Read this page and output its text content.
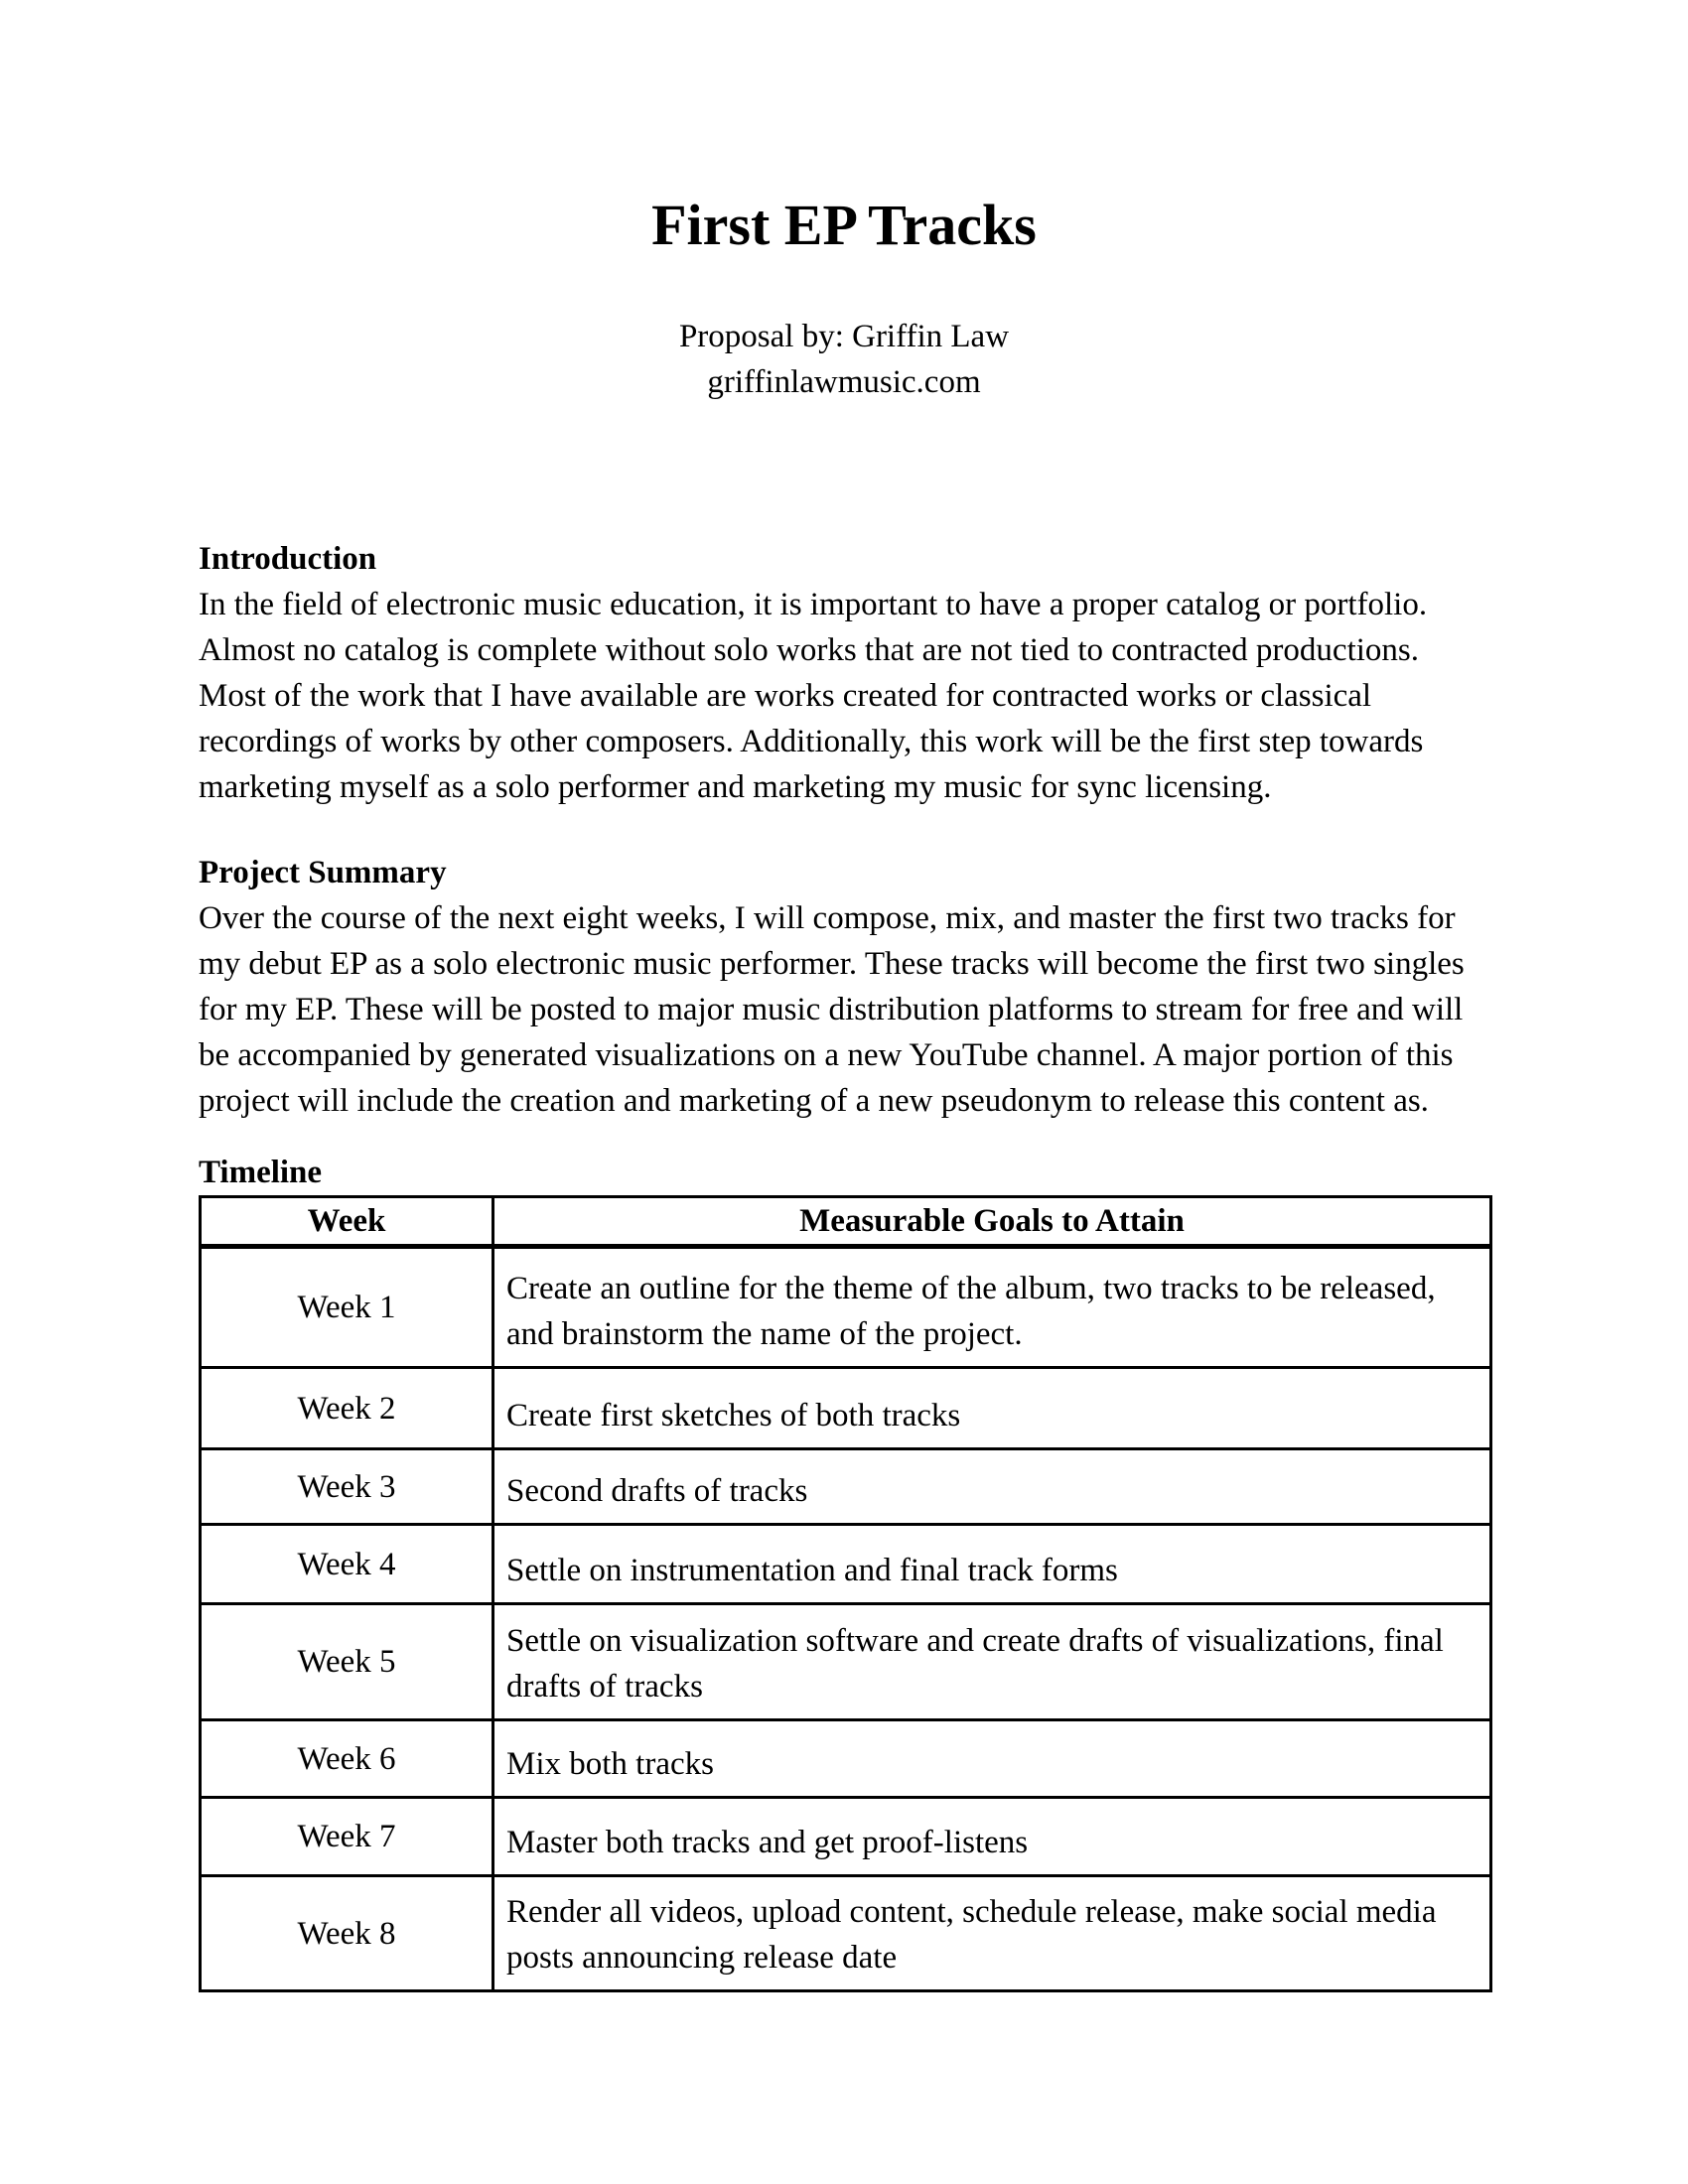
First EP Tracks
Proposal by: Griffin Law
griffinlawmusic.com

Introduction

In the field of electronic music education, it is important to have a proper catalog or portfolio. Almost no catalog is complete without solo works that are not tied to contracted productions. Most of the work that I have available are works created for contracted works or classical recordings of works by other composers. Additionally, this work will be the first step towards marketing myself as a solo performer and marketing my music for sync licensing.

Project Summary

Over the course of the next eight weeks, I will compose, mix, and master the first two tracks for my debut EP as a solo electronic music performer. These tracks will become the first two singles for my EP. These will be posted to major music distribution platforms to stream for free and will be accompanied by generated visualizations on a new YouTube channel. A major portion of this project will include the creation and marketing of a new pseudonym to release this content as.

Timeline

Week	Measurable Goals to Attain
Week 1	Create an outline for the theme of the album, two tracks to be released, and brainstorm the name of the project.
Week 2	Create first sketches of both tracks
Week 3	Second drafts of tracks
Week 4	Settle on instrumentation and final track forms
Week 5	Settle on visualization software and create drafts of visualizations, final drafts of tracks
Week 6	Mix both tracks
Week 7	Master both tracks and get proof-listens
Week 8	Render all videos, upload content, schedule release, make social media posts announcing release date
